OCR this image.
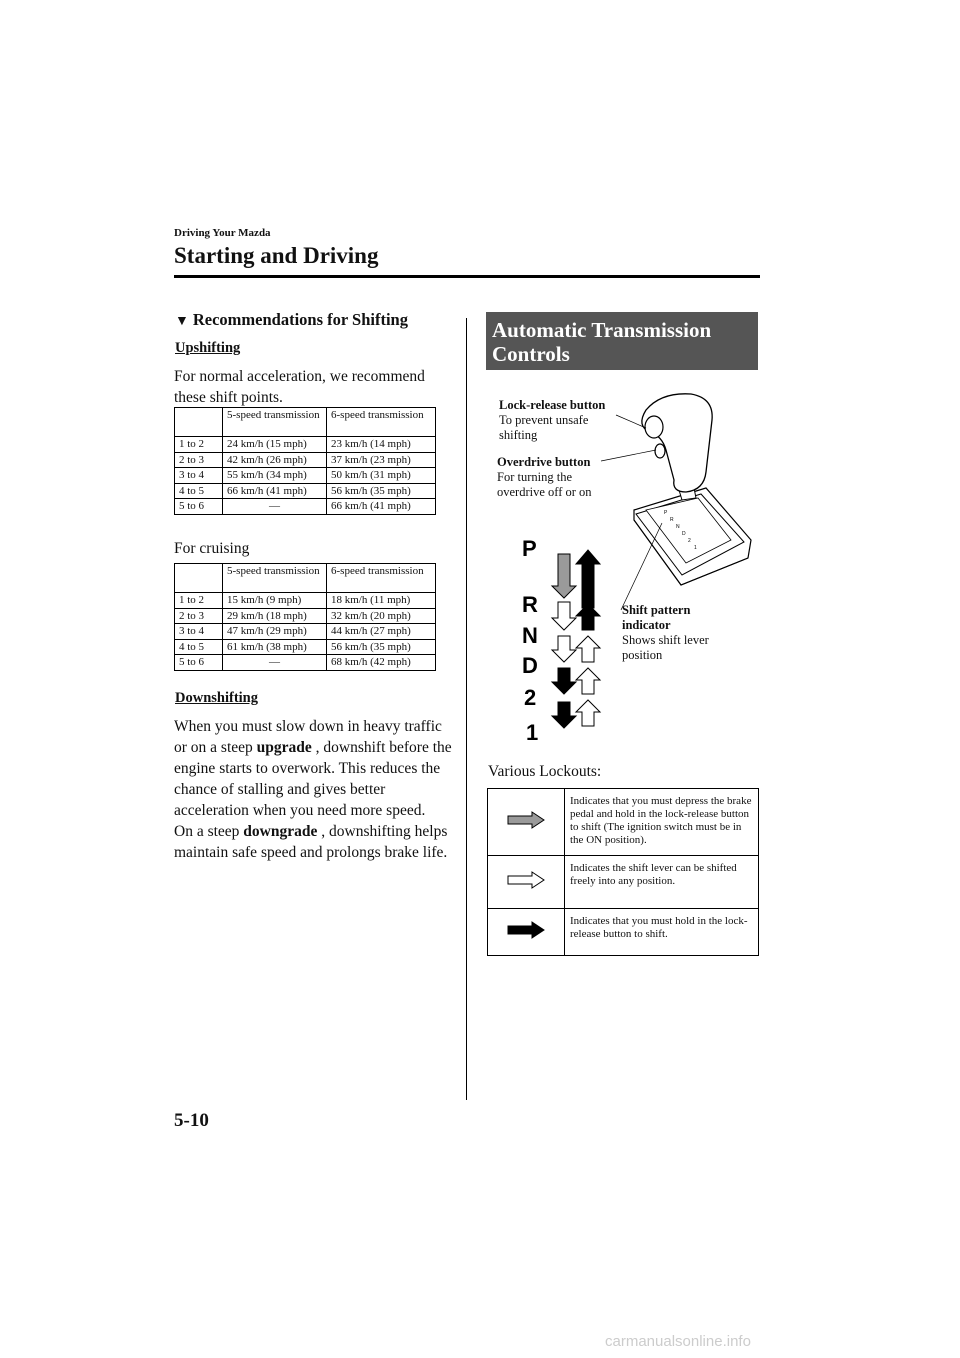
Driving Your Mazda
Starting and Driving
▼ Recommendations for Shifting
Upshifting
For normal acceleration, we recommend these shift points.
	5-speed transmission	6-speed transmission
1 to 2	24 km/h (15 mph)	23 km/h (14 mph)
2 to 3	42 km/h (26 mph)	37 km/h (23 mph)
3 to 4	55 km/h (34 mph)	50 km/h (31 mph)
4 to 5	66 km/h (41 mph)	56 km/h (35 mph)
5 to 6	—	66 km/h (41 mph)
For cruising
	5-speed transmission	6-speed transmission
1 to 2	15 km/h (9 mph)	18 km/h (11 mph)
2 to 3	29 km/h (18 mph)	32 km/h (20 mph)
3 to 4	47 km/h (29 mph)	44 km/h (27 mph)
4 to 5	61 km/h (38 mph)	56 km/h (35 mph)
5 to 6	—	68 km/h (42 mph)
Downshifting
When you must slow down in heavy traffic or on a steep upgrade , downshift before the engine starts to overwork. This reduces the chance of stalling and gives better acceleration when you need more speed.
On a steep downgrade , downshifting helps maintain safe speed and prolongs brake life.
Automatic Transmission
Controls
P
R
N
D
2
1
P
R
N
D
2
1
Lock-release button
To prevent unsafe
shifting
Overdrive button
For turning the
overdrive off or on
Shift pattern
indicator
Shows shift lever
position
Various Lockouts:
	Indicates that you must depress the brake pedal and hold in the lock-release button to shift (The ignition switch must be in the ON position).
	Indicates the shift lever can be shifted freely into any position.
	Indicates that you must hold in the lock-release button to shift.
5-10
carmanualsonline.info
